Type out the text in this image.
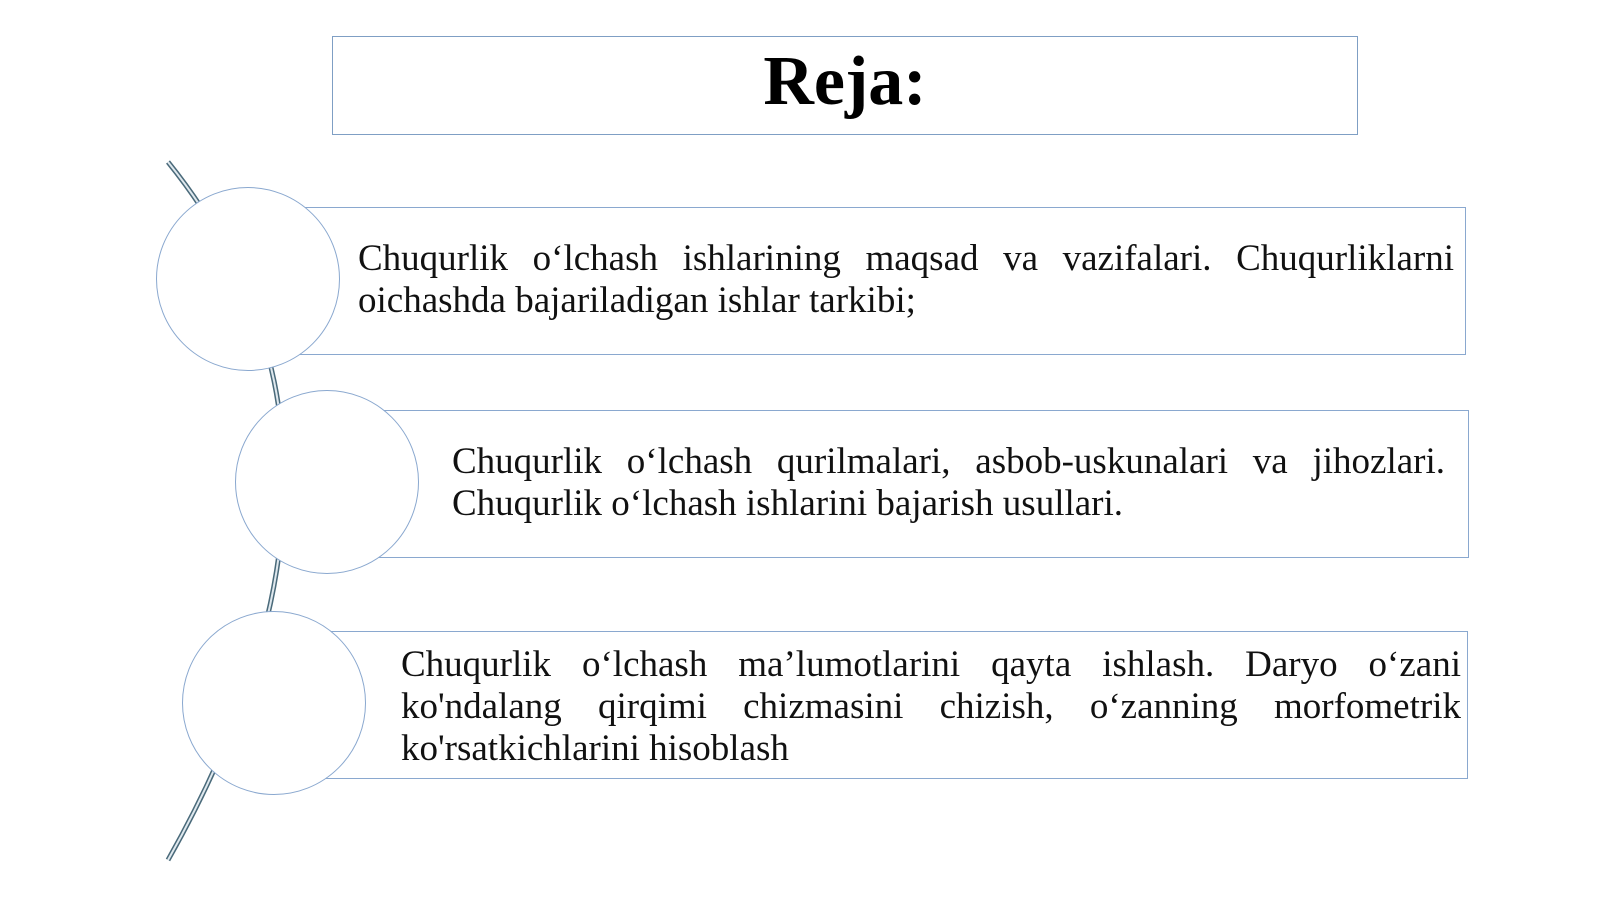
Reja:
Chuqurlik o‘lchash ishlarining maqsad va vazifalari. Chuqurliklarni oichashda bajariladigan ishlar tarkibi;
Chuqurlik o‘lchash qurilmalari, asbob-uskunalari va jihozlari. Chuqurlik o‘lchash ishlarini bajarish usullari.
Chuqurlik o‘lchash ma’lumotlarini qayta ishlash. Daryo o‘zani ko'ndalang qirqimi chizmasini chizish, o‘zanning morfometrik ko'rsatkichlarini hisoblash
